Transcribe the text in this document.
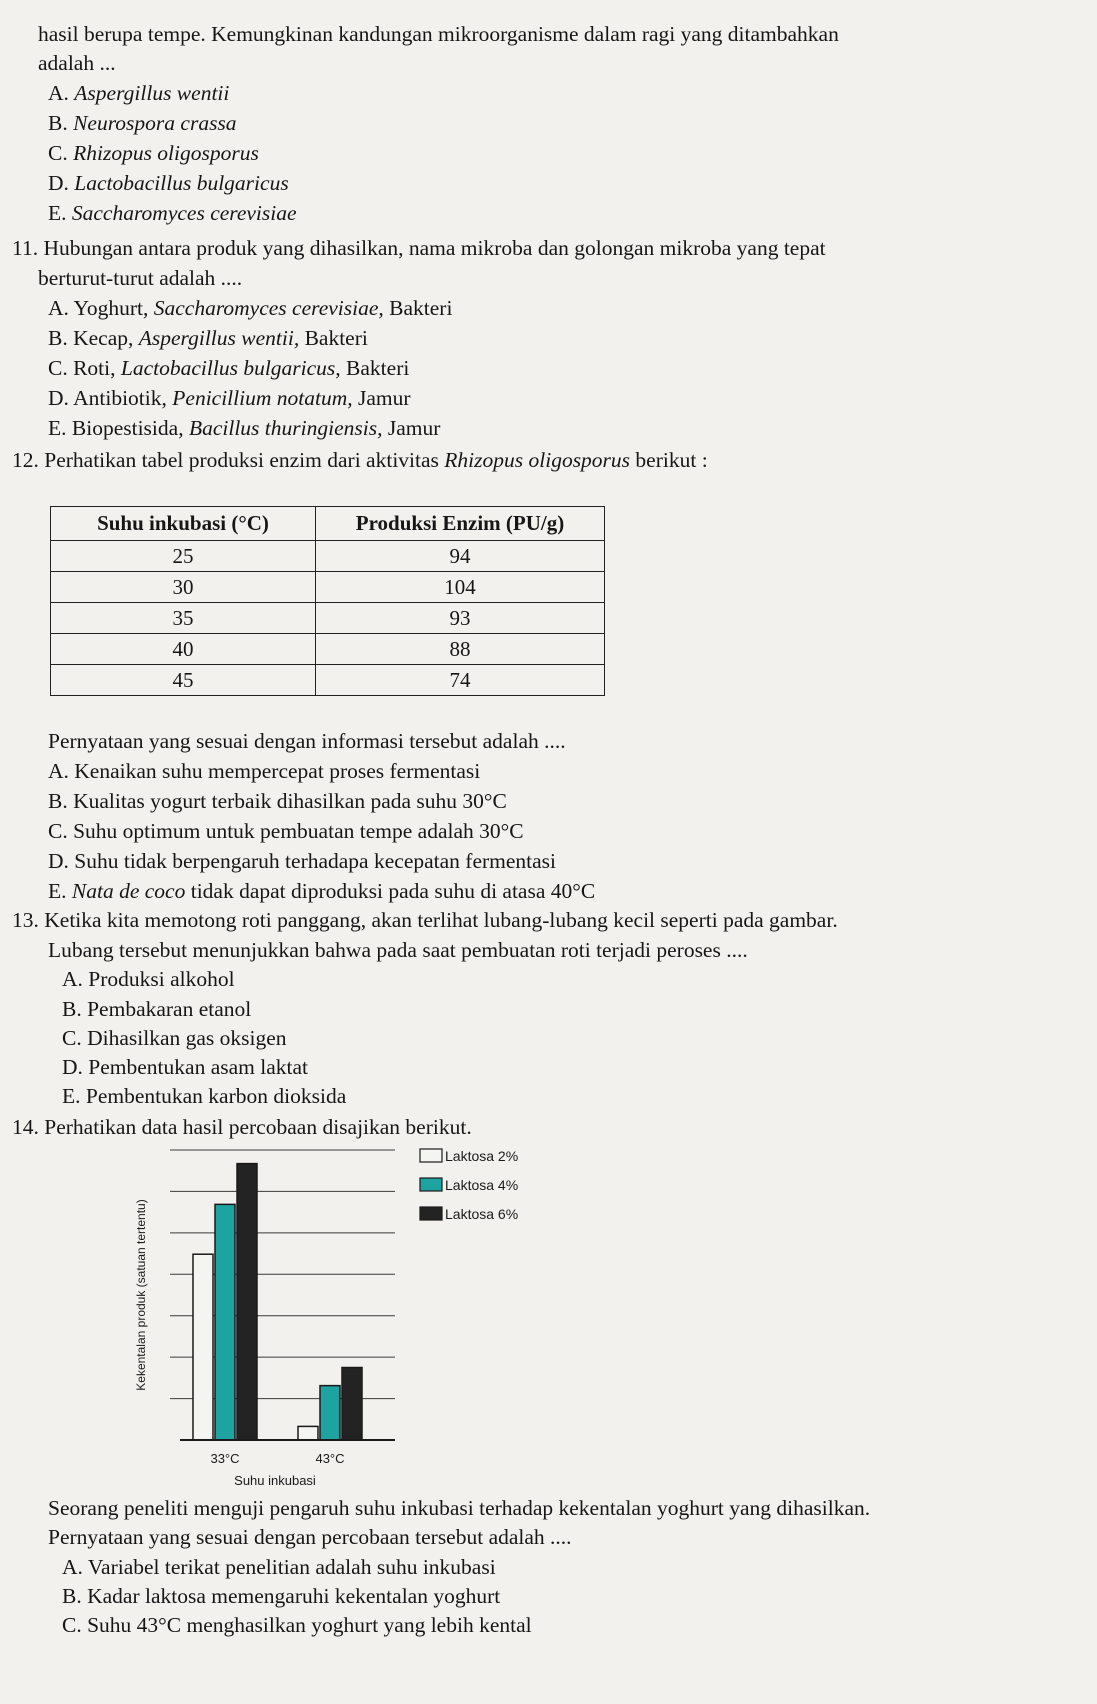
hasil berupa tempe. Kemungkinan kandungan mikroorganisme dalam ragi yang ditambahkan
adalah ...
A. Aspergillus wentii
B. Neurospora crassa
C. Rhizopus oligosporus
D. Lactobacillus bulgaricus
E. Saccharomyces cerevisiae
11. Hubungan antara produk yang dihasilkan, nama mikroba dan golongan mikroba yang tepat
berturut-turut adalah ....
A. Yoghurt, Saccharomyces cerevisiae, Bakteri
B. Kecap, Aspergillus wentii, Bakteri
C. Roti, Lactobacillus bulgaricus, Bakteri
D. Antibiotik, Penicillium notatum, Jamur
E. Biopestisida, Bacillus thuringiensis, Jamur
12. Perhatikan tabel produksi enzim dari aktivitas Rhizopus oligosporus berikut :
Suhu inkubasi (°C)	Produksi Enzim (PU/g)
25	94
30	104
35	93
40	88
45	74
Pernyataan yang sesuai dengan informasi tersebut adalah ....
A. Kenaikan suhu mempercepat proses fermentasi
B. Kualitas yogurt terbaik dihasilkan pada suhu 30°C
C. Suhu optimum untuk pembuatan tempe adalah 30°C
D. Suhu tidak berpengaruh terhadapa kecepatan fermentasi
E. Nata de coco tidak dapat diproduksi pada suhu di atasa 40°C
13. Ketika kita memotong roti panggang, akan terlihat lubang-lubang kecil seperti pada gambar.
Lubang tersebut menunjukkan bahwa pada saat pembuatan roti terjadi peroses ....
A. Produksi alkohol
B. Pembakaran etanol
C. Dihasilkan gas oksigen
D. Pembentukan asam laktat
E. Pembentukan karbon dioksida
14. Perhatikan data hasil percobaan disajikan berikut.
33°C	43°C
Suhu inkubasi
Kekentalan produk (satuan tertentu)
Laktosa 2%
Laktosa 4%
Laktosa 6%
Seorang peneliti menguji pengaruh suhu inkubasi terhadap kekentalan yoghurt yang dihasilkan.
Pernyataan yang sesuai dengan percobaan tersebut adalah ....
A. Variabel terikat penelitian adalah suhu inkubasi
B. Kadar laktosa memengaruhi kekentalan yoghurt
C. Suhu 43°C menghasilkan yoghurt yang lebih kental
